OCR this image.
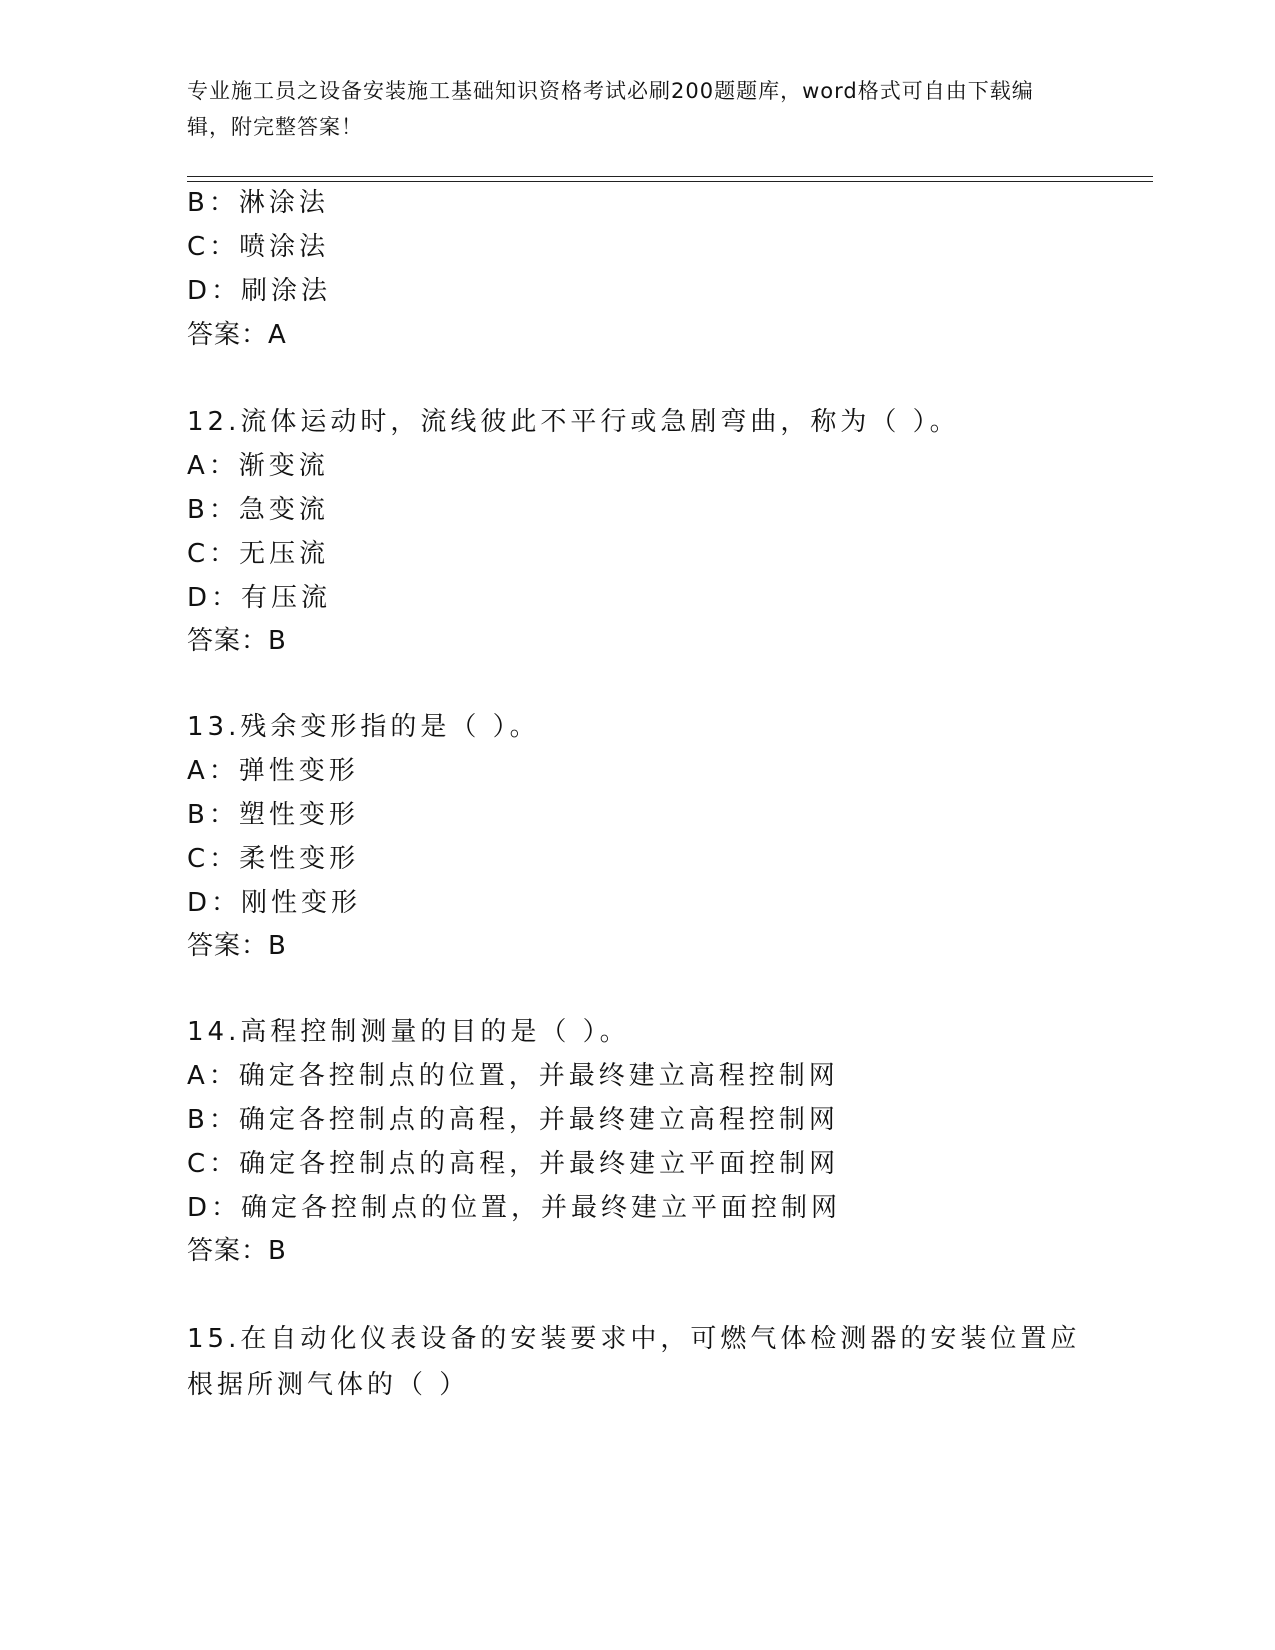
专业施工员之设备安装施工基础知识资格考试必刷200题题库，word格式可自由下载编辑，附完整答案！
B：淋涂法
C：喷涂法
D：刷涂法
答案：A
12.流体运动时，流线彼此不平行或急剧弯曲，称为（ ）。
A：渐变流
B：急变流
C：无压流
D：有压流
答案：B
13.残余变形指的是（ ）。
A：弹性变形
B：塑性变形
C：柔性变形
D：刚性变形
答案：B
14.高程控制测量的目的是（ ）。
A：确定各控制点的位置，并最终建立高程控制网
B：确定各控制点的高程，并最终建立高程控制网
C：确定各控制点的高程，并最终建立平面控制网
D：确定各控制点的位置，并最终建立平面控制网
答案：B
15.在自动化仪表设备的安装要求中，可燃气体检测器的安装位置应根据所测气体的（ ）
